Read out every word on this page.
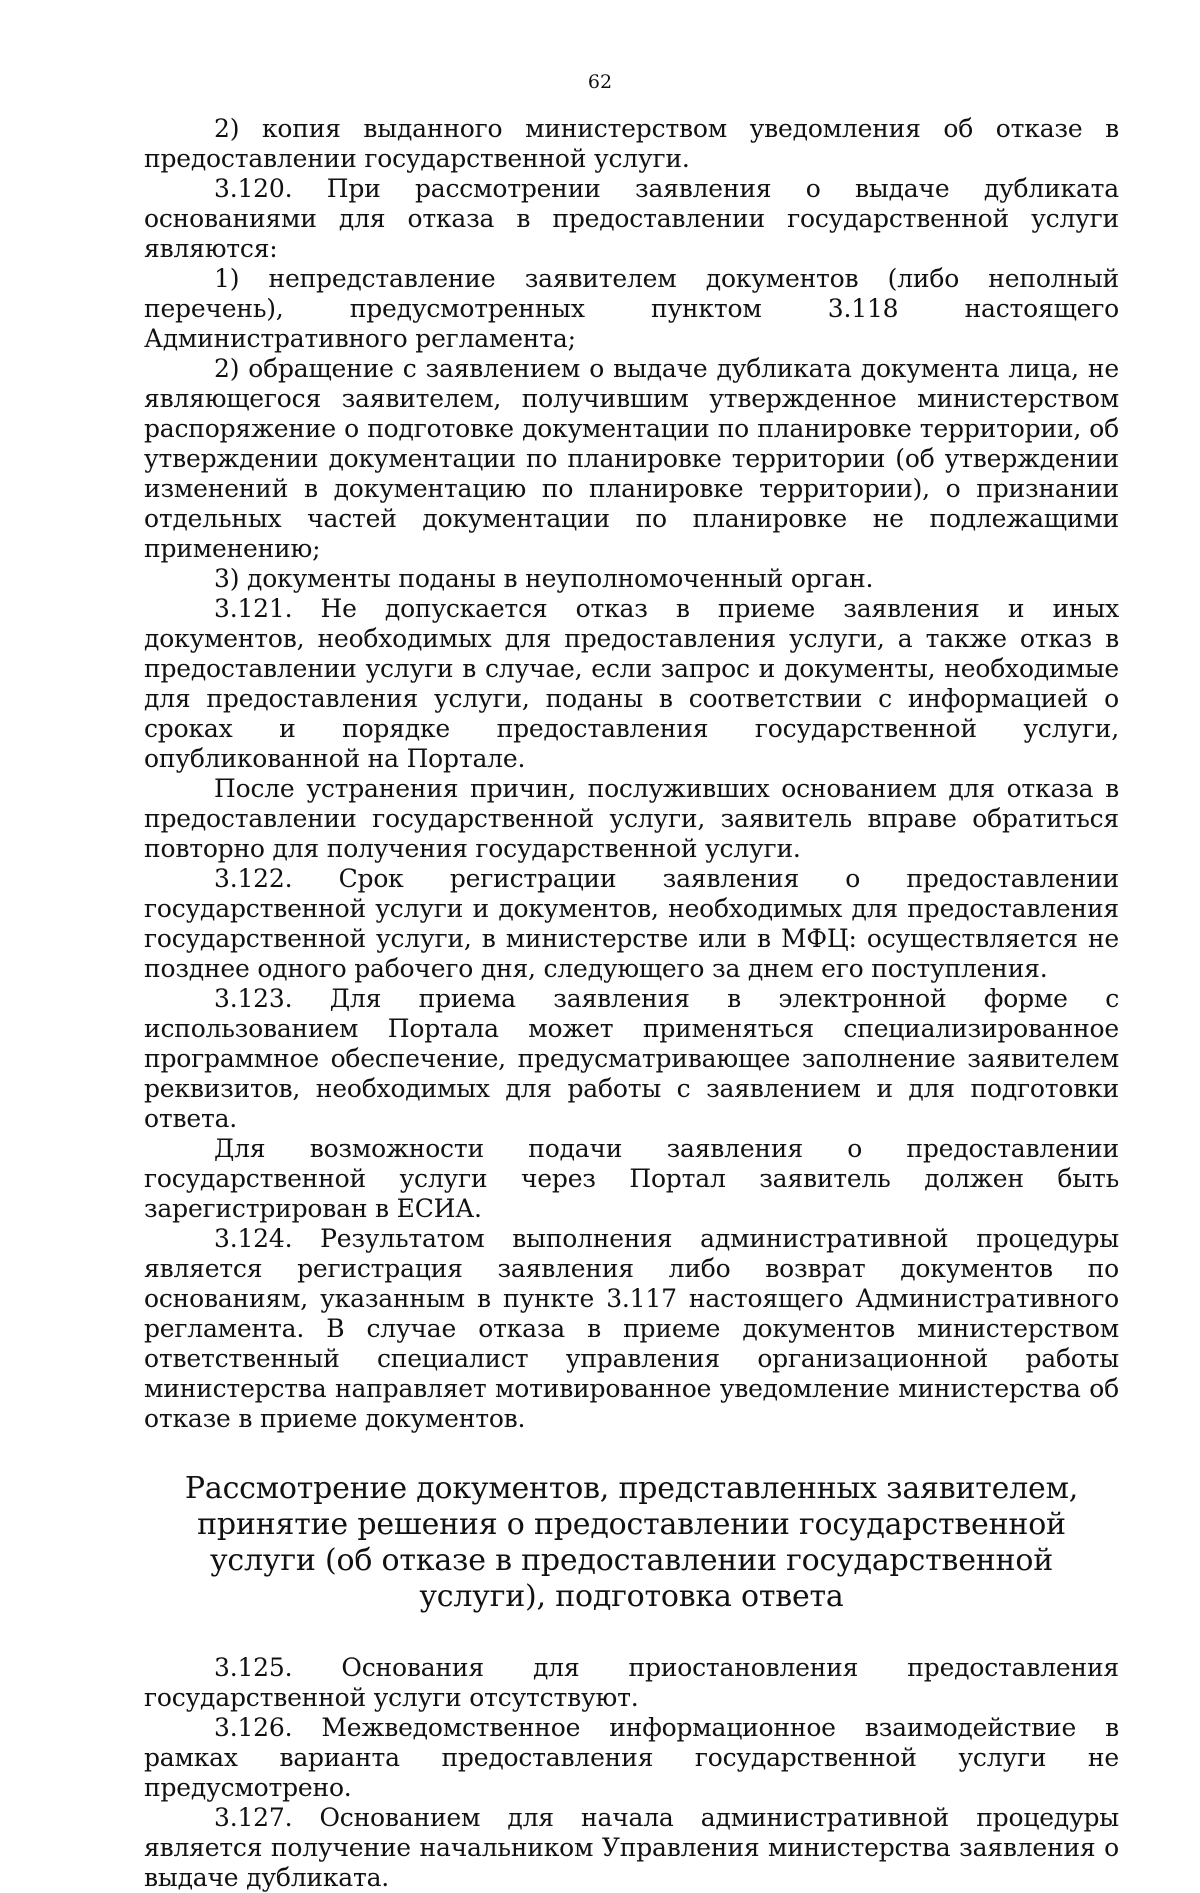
62

2) копия выданного министерством уведомления об отказе в предоставлении государственной услуги.

3.120. При рассмотрении заявления о выдаче дубликата основаниями для отказа в предоставлении государственной услуги являются:

1) непредставление заявителем документов (либо неполный перечень), предусмотренных пунктом 3.118 настоящего Административного регламента;

2) обращение с заявлением о выдаче дубликата документа лица, не являющегося заявителем, получившим утвержденное министерством распоряжение о подготовке документации по планировке территории, об утверждении документации по планировке территории (об утверждении изменений в документацию по планировке территории), о признании отдельных частей документации по планировке не подлежащими применению;

3) документы поданы в неуполномоченный орган.

3.121. Не допускается отказ в приеме заявления и иных документов, необходимых для предоставления услуги, а также отказ в предоставлении услуги в случае, если запрос и документы, необходимые для предоставления услуги, поданы в соответствии с информацией о сроках и порядке предоставления государственной услуги, опубликованной на Портале.

После устранения причин, послуживших основанием для отказа в предоставлении государственной услуги, заявитель вправе обратиться повторно для получения государственной услуги.

3.122. Срок регистрации заявления о предоставлении государственной услуги и документов, необходимых для предоставления государственной услуги, в министерстве или в МФЦ: осуществляется не позднее одного рабочего дня, следующего за днем его поступления.

3.123. Для приема заявления в электронной форме с использованием Портала может применяться специализированное программное обеспечение, предусматривающее заполнение заявителем реквизитов, необходимых для работы с заявлением и для подготовки ответа.

Для возможности подачи заявления о предоставлении государственной услуги через Портал заявитель должен быть зарегистрирован в ЕСИА.

3.124. Результатом выполнения административной процедуры является регистрация заявления либо возврат документов по основаниям, указанным в пункте 3.117 настоящего Административного регламента. В случае отказа в приеме документов министерством ответственный специалист управления организационной работы министерства направляет мотивированное уведомление министерства об отказе в приеме документов.

Рассмотрение документов, представленных заявителем, принятие решения о предоставлении государственной услуги (об отказе в предоставлении государственной услуги), подготовка ответа

3.125. Основания для приостановления предоставления государственной услуги отсутствуют.

3.126. Межведомственное информационное взаимодействие в рамках варианта предоставления государственной услуги не предусмотрено.

3.127. Основанием для начала административной процедуры является получение начальником Управления министерства заявления о выдаче дубликата.
